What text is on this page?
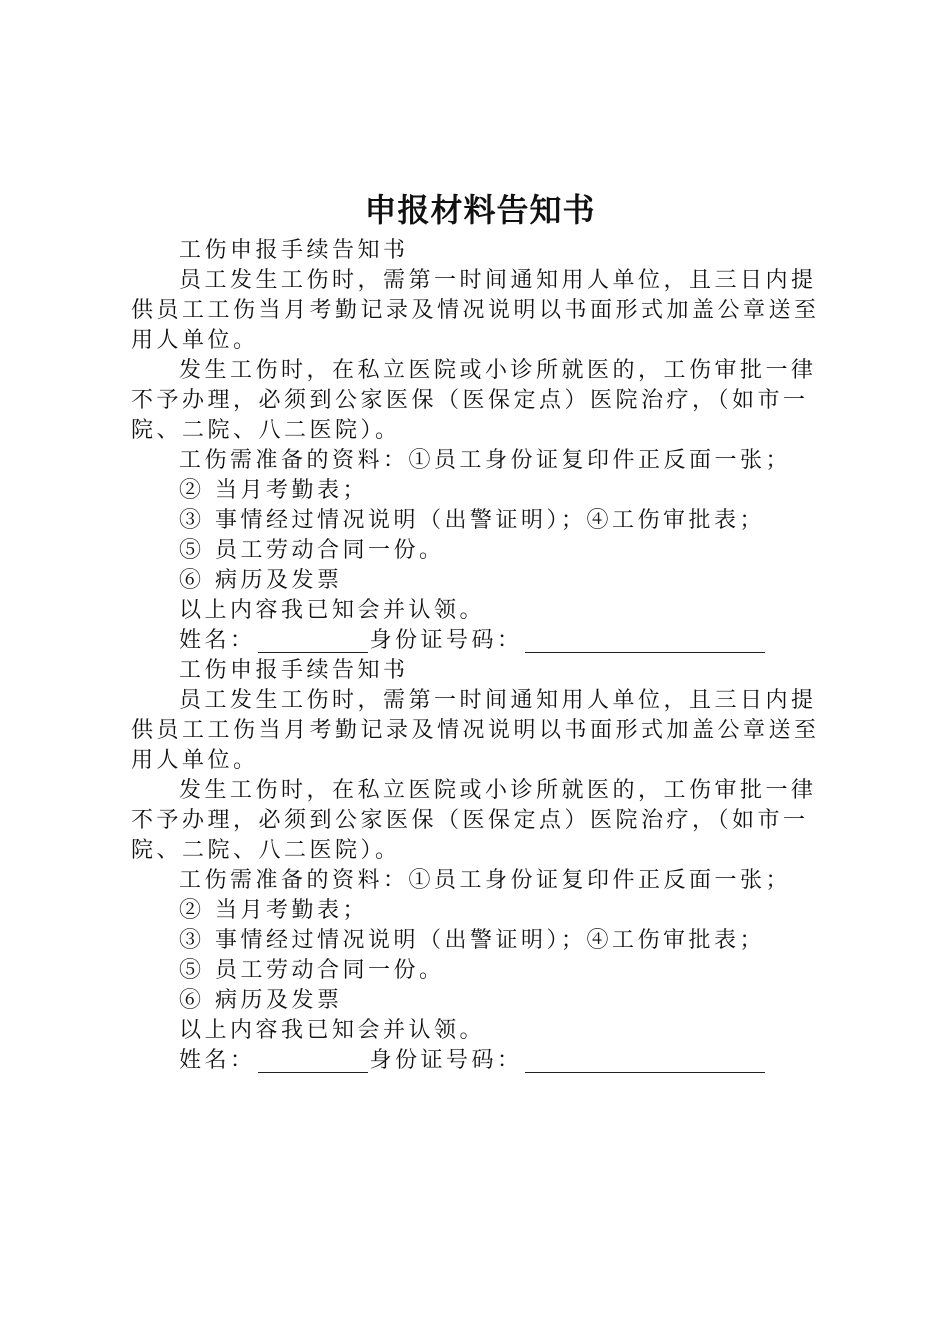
申报材料告知书
工伤申报手续告知书
员工发生工伤时，需第一时间通知用人单位，且三日内提
供员工工伤当月考勤记录及情况说明以书面形式加盖公章送至
用人单位。
发生工伤时，在私立医院或小诊所就医的，工伤审批一律
不予办理，必须到公家医保（医保定点）医院治疗，（如市一
院、二院、八二医院）。
工伤需准备的资料：①员工身份证复印件正反面一张；
② 当月考勤表；
③ 事情经过情况说明（出警证明）；④工伤审批表；
⑤ 员工劳动合同一份。
⑥ 病历及发票
以上内容我已知会并认领。
姓名：	身份证号码：
工伤申报手续告知书
员工发生工伤时，需第一时间通知用人单位，且三日内提
供员工工伤当月考勤记录及情况说明以书面形式加盖公章送至
用人单位。
发生工伤时，在私立医院或小诊所就医的，工伤审批一律
不予办理，必须到公家医保（医保定点）医院治疗，（如市一
院、二院、八二医院）。
工伤需准备的资料：①员工身份证复印件正反面一张；
② 当月考勤表；
③ 事情经过情况说明（出警证明）；④工伤审批表；
⑤ 员工劳动合同一份。
⑥ 病历及发票
以上内容我已知会并认领。
姓名：	身份证号码：
